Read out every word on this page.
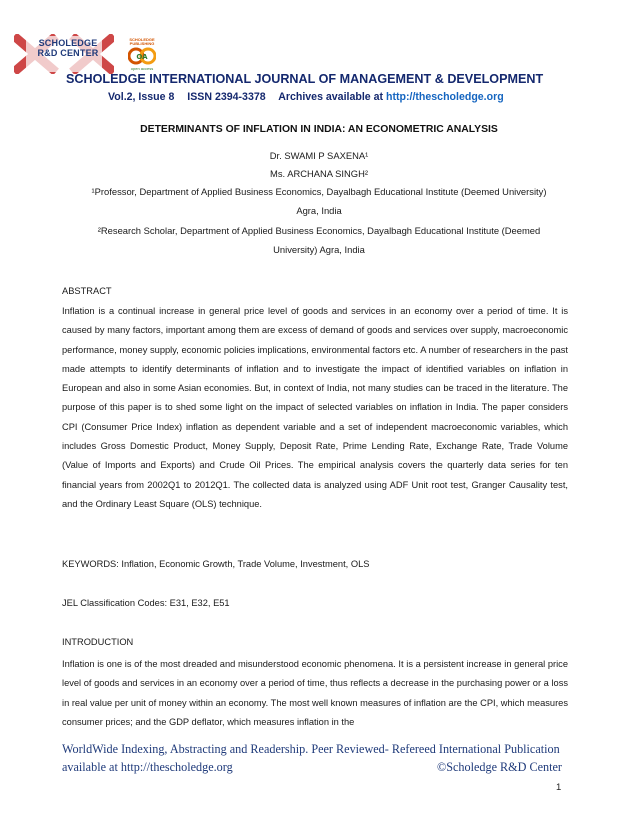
SCHOLEDGE R&D CENTER
SCHOLEDGE PUBLISHING
OA
open access
SCHOLEDGE INTERNATIONAL JOURNAL OF MANAGEMENT & DEVELOPMENT
Vol.2, Issue 8 ISSN 2394-3378 Archives available at http://thescholedge.org
DETERMINANTS OF INFLATION IN INDIA: AN ECONOMETRIC ANALYSIS
Dr. SWAMI P SAXENA¹
Ms. ARCHANA SINGH²
¹Professor, Department of Applied Business Economics, Dayalbagh Educational Institute (Deemed University)
Agra, India
²Research Scholar, Department of Applied Business Economics, Dayalbagh Educational Institute (Deemed
University) Agra, India
ABSTRACT
Inflation is a continual increase in general price level of goods and services in an economy over a period of time. It is caused by many factors, important among them are excess of demand of goods and services over supply, macroeconomic performance, money supply, economic policies implications, environmental factors etc. A number of researchers in the past made attempts to identify determinants of inflation and to investigate the impact of identified variables on inflation in European and also in some Asian economies. But, in context of India, not many studies can be traced in the literature. The purpose of this paper is to shed some light on the impact of selected variables on inflation in India. The paper considers CPI (Consumer Price Index) inflation as dependent variable and a set of independent macroeconomic variables, which includes Gross Domestic Product, Money Supply, Deposit Rate, Prime Lending Rate, Exchange Rate, Trade Volume (Value of Imports and Exports) and Crude Oil Prices. The empirical analysis covers the quarterly data series for ten financial years from 2002Q1 to 2012Q1. The collected data is analyzed using ADF Unit root test, Granger Causality test, and the Ordinary Least Square (OLS) technique.
KEYWORDS: Inflation, Economic Growth, Trade Volume, Investment, OLS
JEL Classification Codes: E31, E32, E51
INTRODUCTION
Inflation is one is of the most dreaded and misunderstood economic phenomena. It is a persistent increase in general price level of goods and services in an economy over a period of time, thus reflects a decrease in the purchasing power or a loss in real value per unit of money within an economy. The most well known measures of inflation are the CPI, which measures consumer prices; and the GDP deflator, which measures inflation in the
WorldWide Indexing, Abstracting and Readership. Peer Reviewed- Refereed International Publication
available at http://thescholedge.org	©Scholedge R&D Center
1
